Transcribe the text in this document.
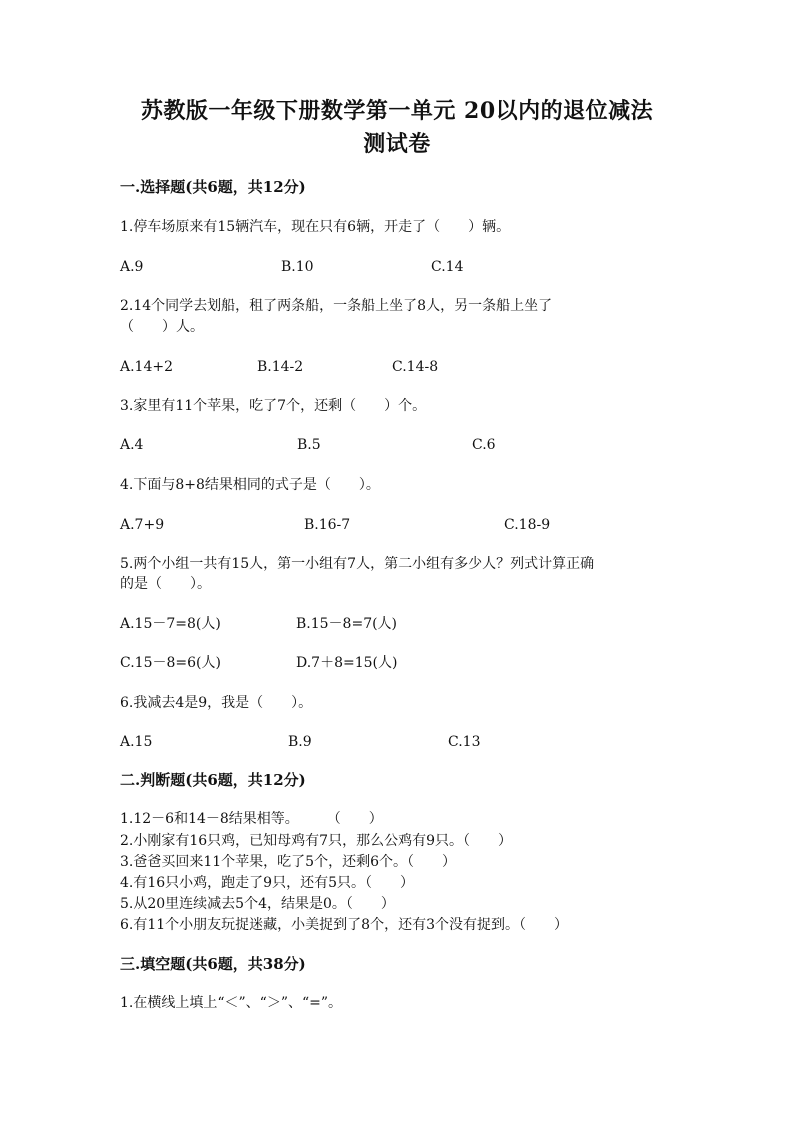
苏教版一年级下册数学第一单元 20以内的退位减法
测试卷
一.选择题(共6题，共12分)
1.停车场原来有15辆汽车，现在只有6辆，开走了（　　）辆。
A.9	B.10	C.14
2.14个同学去划船，租了两条船，一条船上坐了8人，另一条船上坐了
（　　）人。
A.14+2	B.14-2	C.14-8
3.家里有11个苹果，吃了7个，还剩（　　）个。
A.4	B.5	C.6
4.下面与8+8结果相同的式子是（　　）。
A.7+9	B.16-7	C.18-9
5.两个小组一共有15人，第一小组有7人，第二小组有多少人？列式计算正确
的是（　　）。
A.15－7=8(人)	B.15－8=7(人)
C.15－8=6(人)	D.7＋8=15(人)
6.我减去4是9，我是（　　）。
A.15	B.9	C.13
二.判断题(共6题，共12分)
1.12－6和14－8结果相等。　　　（　　）
2.小刚家有16只鸡，已知母鸡有7只，那么公鸡有9只。（　　）
3.爸爸买回来11个苹果，吃了5个，还剩6个。（　　）
4.有16只小鸡，跑走了9只，还有5只。（　　）
5.从20里连续减去5个4，结果是0。（　　）
6.有11个小朋友玩捉迷藏，小美捉到了8个，还有3个没有捉到。（　　）
三.填空题(共6题，共38分)
1.在横线上填上“＜”、“＞”、“=”。
